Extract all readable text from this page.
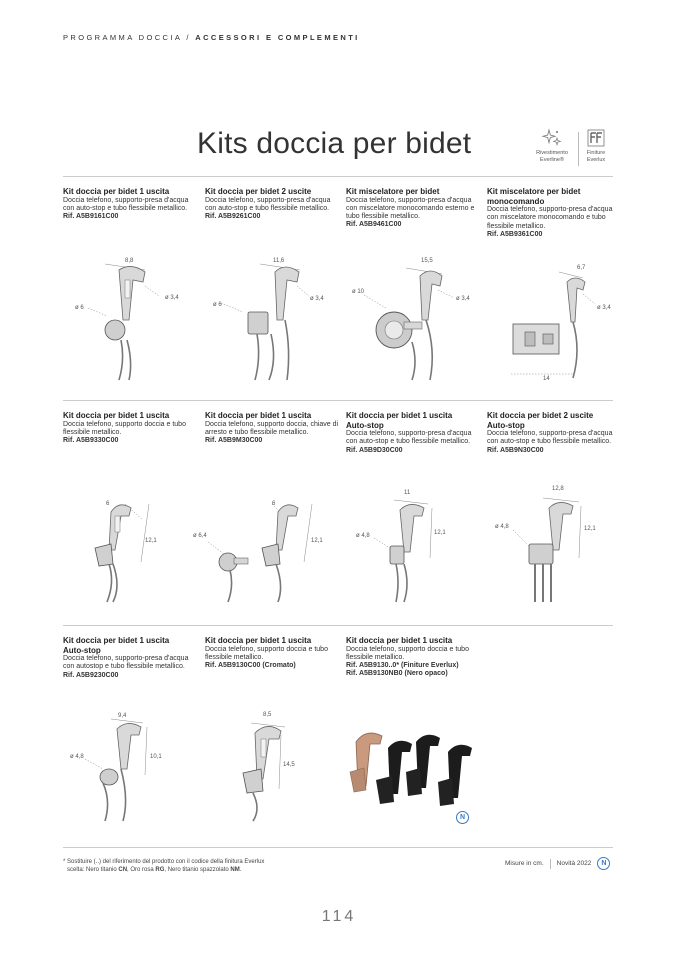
PROGRAMMA DOCCIA / ACCESSORI E COMPLEMENTI
Kits doccia per bidet	Rivestimento
Everline®
Finiture
Everlux
Kit doccia per bidet 1 uscita
Doccia telefono, supporto-presa d'acqua con auto-stop e tubo flessibile metallico.
Rif. A5B9161C00
Kit doccia per bidet 2 uscite
Doccia telefono, supporto-presa d'acqua con auto-stop e tubo flessibile metallico.
Rif. A5B9261C00
Kit miscelatore per bidet
Doccia telefono, supporto-presa d'acqua con miscelatore monocomando esterno e tubo flessibile metallico.
Rif. A5B9461C00
Kit miscelatore per bidet monocomando
Doccia telefono, supporto-presa d'acqua con miscelatore monocomando e tubo flessibile metallico.
Rif. A5B9361C00
8,8
ø 3,4
ø 6
11,6
ø 3,4
ø 6
15,5
ø 3,4
ø 10
6,7
ø 3,4
14
Kit doccia per bidet 1 uscita
Doccia telefono, supporto doccia e tubo flessibile metallico.
Rif. A5B9330C00
Kit doccia per bidet 1 uscita
Doccia telefono, supporto doccia, chiave di arresto e tubo flessibile metallico.
Rif. A5B9M30C00
Kit doccia per bidet 1 uscita Auto-stop
Doccia telefono, supporto-presa d'acqua con auto-stop e tubo flessibile metallico.
Rif. A5B9D30C00
Kit doccia per bidet 2 uscite Auto-stop
Doccia telefono, supporto-presa d'acqua con auto-stop e tubo flessibile metallico.
Rif. A5B9N30C00
6
12,1
6
12,1
ø 6,4
11
12,1
ø 4,8
12,8
12,1
ø 4,8
Kit doccia per bidet 1 uscita Auto-stop
Doccia telefono, supporto-presa d'acqua con autostop e tubo flessibile metallico.
Rif. A5B9230C00
Kit doccia per bidet 1 uscita
Doccia telefono, supporto doccia e tubo flessibile metallico.
Rif. A5B9130C00 (Cromato)
Kit doccia per bidet 1 uscita
Doccia telefono, supporto doccia e tubo flessibile metallico.
Rif. A5B9130..0* (Finiture Everlux)
Rif. A5B9130NB0 (Nero opaco)
9,4
10,1
ø 4,8
8,5
14,5
N
* Sostituire (..) del riferimento del prodotto con il codice della finitura Everlux
scelta: Nero titanio CN, Oro rosa RG, Nero titanio spazzolato NM.
Misure in cm. Novità 2022	N
114
